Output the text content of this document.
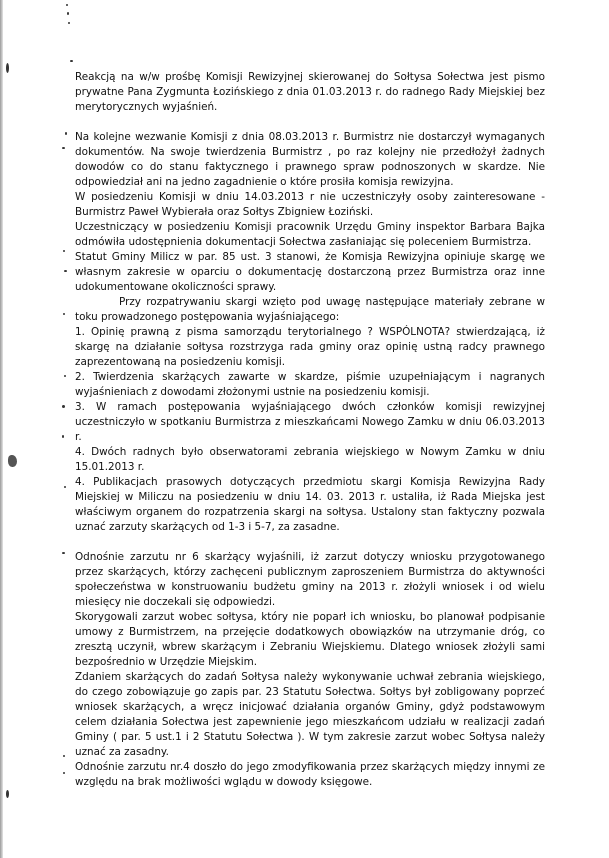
Reakcją na w/w prośbę Komisji Rewizyjnej skierowanej do Sołtysa Sołectwa jest pismo prywatne Pana Zygmunta Łozińskiego z dnia 01.03.2013 r. do radnego Rady Miejskiej bez merytorycznych wyjaśnień.

Na kolejne wezwanie Komisji z dnia 08.03.2013 r. Burmistrz nie dostarczył wymaganych dokumentów. Na swoje twierdzenia Burmistrz , po raz kolejny nie przedłożył żadnych dowodów co do stanu faktycznego i prawnego spraw podnoszonych w skardze. Nie odpowiedział ani na jedno zagadnienie o które prosiła komisja rewizyjna.

W posiedzeniu Komisji w dniu 14.03.2013 r nie uczestniczyły osoby zainteresowane - Burmistrz Paweł Wybierała oraz Sołtys Zbigniew Łoziński.

Uczestniczący w posiedzeniu Komisji pracownik Urzędu Gminy inspektor Barbara Bajka odmówiła udostępnienia dokumentacji Sołectwa zasłaniając się poleceniem Burmistrza.

Statut Gminy Milicz w par. 85 ust. 3 stanowi, że Komisja Rewizyjna opiniuje skargę we własnym zakresie w oparciu o dokumentację dostarczoną przez Burmistrza oraz inne udokumentowane okoliczności sprawy.

Przy rozpatrywaniu skargi wzięto pod uwagę następujące materiały zebrane w toku prowadzonego postępowania wyjaśniającego:

1. Opinię prawną z pisma samorządu terytorialnego ? WSPÓLNOTA? stwierdzającą, iż skargę na działanie sołtysa rozstrzyga rada gminy oraz opinię ustną radcy prawnego zaprezentowaną na posiedzeniu komisji.

2. Twierdzenia skarżących zawarte w skardze, piśmie uzupełniającym i nagranych wyjaśnieniach z dowodami złożonymi ustnie na posiedzeniu komisji.

3. W ramach postępowania wyjaśniającego dwóch członków komisji rewizyjnej uczestniczyło w spotkaniu Burmistrza z mieszkańcami Nowego Zamku w dniu 06.03.2013 r.

4. Dwóch radnych było obserwatorami zebrania wiejskiego w Nowym Zamku w dniu 15.01.2013 r.

4. Publikacjach prasowych dotyczących przedmiotu skargi Komisja Rewizyjna Rady Miejskiej w Miliczu na posiedzeniu w dniu 14. 03. 2013 r. ustaliła, iż Rada Miejska jest właściwym organem do rozpatrzenia skargi na sołtysa. Ustalony stan faktyczny pozwala uznać zarzuty skarżących od 1-3 i 5-7, za zasadne.

Odnośnie zarzutu nr 6 skarżący wyjaśnili, iż zarzut dotyczy wniosku przygotowanego przez skarżących, którzy zachęceni publicznym zaproszeniem Burmistrza do aktywności społeczeństwa w konstruowaniu budżetu gminy na 2013 r. złożyli wniosek i od wielu miesięcy nie doczekali się odpowiedzi.

Skorygowali zarzut wobec sołtysa, który nie poparł ich wniosku, bo planował podpisanie umowy z Burmistrzem, na przejęcie dodatkowych obowiązków na utrzymanie dróg, co zresztą uczynił, wbrew skarżącym i Zebraniu Wiejskiemu. Dlatego wniosek złożyli sami bezpośrednio w Urzędzie Miejskim.

Zdaniem skarżących do zadań Sołtysa należy wykonywanie uchwał zebrania wiejskiego, do czego zobowiązuje go zapis par. 23 Statutu Sołectwa. Sołtys był zobligowany poprzeć wniosek skarżących, a wręcz inicjować działania organów Gminy, gdyż podstawowym celem działania Sołectwa jest zapewnienie jego mieszkańcom udziału w realizacji zadań Gminy ( par. 5 ust.1 i 2 Statutu Sołectwa ). W tym zakresie zarzut wobec Sołtysa należy uznać za zasadny.

Odnośnie zarzutu nr.4 doszło do jego zmodyfikowania przez skarżących między innymi ze względu na brak możliwości wglądu w dowody księgowe.
